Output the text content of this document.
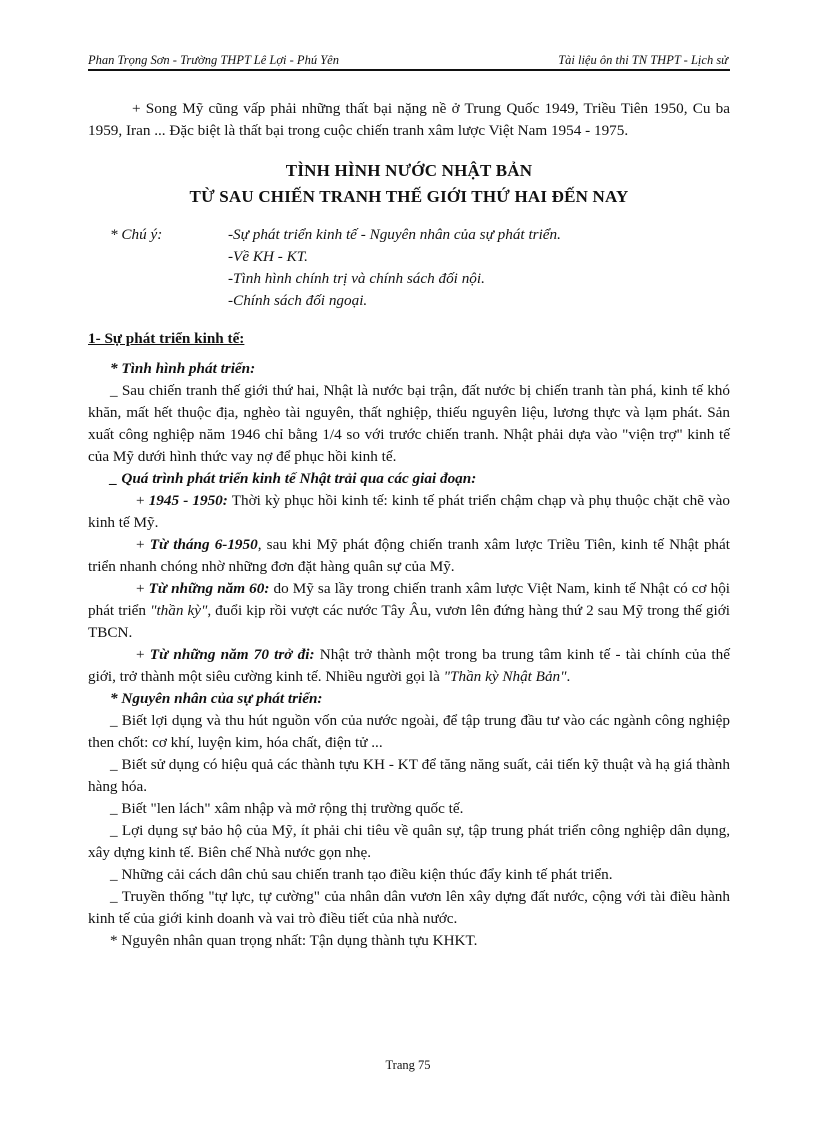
Phan Trọng Sơn - Trường THPT Lê Lợi - Phú Yên	Tài liệu ôn thi TN THPT - Lịch sử

+ Song Mỹ cũng vấp phải những thất bại nặng nề ở Trung Quốc 1949, Triều Tiên 1950, Cu ba 1959, Iran ... Đặc biệt là thất bại trong cuộc chiến tranh xâm lược Việt Nam 1954 - 1975.

TÌNH HÌNH NƯỚC NHẬT BẢN
TỪ SAU CHIẾN TRANH THẾ GIỚI THỨ HAI ĐẾN NAY
* Chú ý:	-Sự phát triển kinh tế - Nguyên nhân của sự phát triển.
-Về KH - KT.
-Tình hình chính trị và chính sách đối nội.
-Chính sách đối ngoại.
1- Sự phát triển kinh tế:

* Tình hình phát triển:

_ Sau chiến tranh thế giới thứ hai, Nhật là nước bại trận, đất nước bị chiến tranh tàn phá, kinh tế khó khăn, mất hết thuộc địa, nghèo tài nguyên, thất nghiệp, thiếu nguyên liệu, lương thực và lạm phát. Sản xuất công nghiệp năm 1946 chỉ bằng 1/4 so với trước chiến tranh. Nhật phải dựa vào "viện trợ" kinh tế của Mỹ dưới hình thức vay nợ để phục hồi kinh tế.

_ Quá trình phát triển kinh tế Nhật trải qua các giai đoạn:

+ 1945 - 1950: Thời kỳ phục hồi kinh tế: kinh tế phát triển chậm chạp và phụ thuộc chặt chẽ vào kinh tế Mỹ.

+ Từ tháng 6-1950, sau khi Mỹ phát động chiến tranh xâm lược Triều Tiên, kinh tế Nhật phát triển nhanh chóng nhờ những đơn đặt hàng quân sự của Mỹ.

+ Từ những năm 60: do Mỹ sa lầy trong chiến tranh xâm lược Việt Nam, kinh tế Nhật có cơ hội phát triển "thần kỳ", đuổi kịp rồi vượt các nước Tây Âu, vươn lên đứng hàng thứ 2 sau Mỹ trong thế giới TBCN.

+ Từ những năm 70 trở đi: Nhật trở thành một trong ba trung tâm kinh tế - tài chính của thế giới, trở thành một siêu cường kinh tế. Nhiều người gọi là "Thần kỳ Nhật Bản".

* Nguyên nhân của sự phát triển:

_ Biết lợi dụng và thu hút nguồn vốn của nước ngoài, để tập trung đầu tư vào các ngành công nghiệp then chốt: cơ khí, luyện kim, hóa chất, điện tử ...

_ Biết sử dụng có hiệu quả các thành tựu KH - KT để tăng năng suất, cải tiến kỹ thuật và hạ giá thành hàng hóa.

_ Biết "len lách" xâm nhập và mở rộng thị trường quốc tế.

_ Lợi dụng sự bảo hộ của Mỹ, ít phải chi tiêu về quân sự, tập trung phát triển công nghiệp dân dụng, xây dựng kinh tế. Biên chế Nhà nước gọn nhẹ.

_ Những cải cách dân chủ sau chiến tranh tạo điều kiện thúc đẩy kinh tế phát triển.

_ Truyền thống "tự lực, tự cường" của nhân dân vươn lên xây dựng đất nước, cộng với tài điều hành kinh tế của giới kinh doanh và vai trò điều tiết của nhà nước.

* Nguyên nhân quan trọng nhất: Tận dụng thành tựu KHKT.

Trang 75
